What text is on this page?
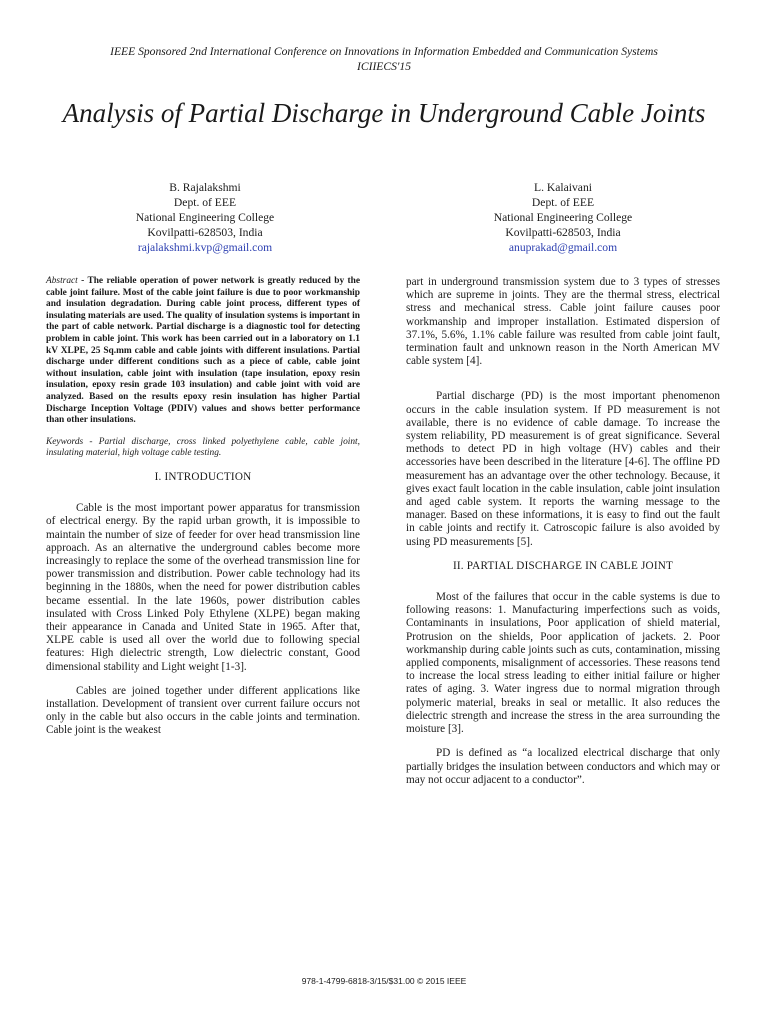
IEEE Sponsored 2nd International Conference on Innovations in Information Embedded and Communication Systems
ICIIECS'15
Analysis of Partial Discharge in Underground Cable Joints
B. Rajalakshmi
Dept. of EEE
National Engineering College
Kovilpatti-628503, India
rajalakshmi.kvp@gmail.com
L. Kalaivani
Dept. of EEE
National Engineering College
Kovilpatti-628503, India
anuprakad@gmail.com

Abstract - The reliable operation of power network is greatly reduced by the cable joint failure. Most of the cable joint failure is due to poor workmanship and insulation degradation. During cable joint process, different types of insulating materials are used. The quality of insulation systems is important in the part of cable network. Partial discharge is a diagnostic tool for detecting problem in cable joint. This work has been carried out in a laboratory on 1.1 kV XLPE, 25 Sq.mm cable and cable joints with different insulations. Partial discharge under different conditions such as a piece of cable, cable joint without insulation, cable joint with insulation (tape insulation, epoxy resin insulation, epoxy resin grade 103 insulation) and cable joint with void are analyzed. Based on the results epoxy resin insulation has higher Partial Discharge Inception Voltage (PDIV) values and shows better performance than other insulations.

Keywords - Partial discharge, cross linked polyethylene cable, cable joint, insulating material, high voltage cable testing.

I. INTRODUCTION

Cable is the most important power apparatus for transmission of electrical energy. By the rapid urban growth, it is impossible to maintain the number of size of feeder for over head transmission line approach. As an alternative the underground cables become more increasingly to replace the some of the overhead transmission line for power transmission and distribution. Power cable technology had its beginning in the 1880s, when the need for power distribution cables became essential. In the late 1960s, power distribution cables insulated with Cross Linked Poly Ethylene (XLPE) began making their appearance in Canada and United State in 1965. After that, XLPE cable is used all over the world due to following special features: High dielectric strength, Low dielectric constant, Good dimensional stability and Light weight [1-3].

Cables are joined together under different applications like installation. Development of transient over current failure occurs not only in the cable but also occurs in the cable joints and termination. Cable joint is the weakest

part in underground transmission system due to 3 types of stresses which are supreme in joints. They are the thermal stress, electrical stress and mechanical stress. Cable joint failure causes poor workmanship and improper installation. Estimated dispersion of 37.1%, 5.6%, 1.1% cable failure was resulted from cable joint fault, termination fault and unknown reason in the North American MV cable system [4].

Partial discharge (PD) is the most important phenomenon occurs in the cable insulation system. If PD measurement is not available, there is no evidence of cable damage. To increase the system reliability, PD measurement is of great significance. Several methods to detect PD in high voltage (HV) cables and their accessories have been described in the literature [4-6]. The offline PD measurement has an advantage over the other technology. Because, it gives exact fault location in the cable insulation, cable joint insulation and aged cable system. It reports the warning message to the manager. Based on these informations, it is easy to find out the fault in cable joints and rectify it. Catroscopic failure is also avoided by using PD measurements [5].

II. PARTIAL DISCHARGE IN CABLE JOINT

Most of the failures that occur in the cable systems is due to following reasons: 1. Manufacturing imperfections such as voids, Contaminants in insulations, Poor application of shield material, Protrusion on the shields, Poor application of jackets. 2. Poor workmanship during cable joints such as cuts, contamination, missing applied components, misalignment of accessories. These reasons tend to increase the local stress leading to either initial failure or higher rates of aging. 3. Water ingress due to normal migration through polymeric material, breaks in seal or metallic. It also reduces the dielectric strength and increase the stress in the area surrounding the moisture [3].

PD is defined as “a localized electrical discharge that only partially bridges the insulation between conductors and which may or may not occur adjacent to a conductor”.

978-1-4799-6818-3/15/$31.00 © 2015 IEEE
